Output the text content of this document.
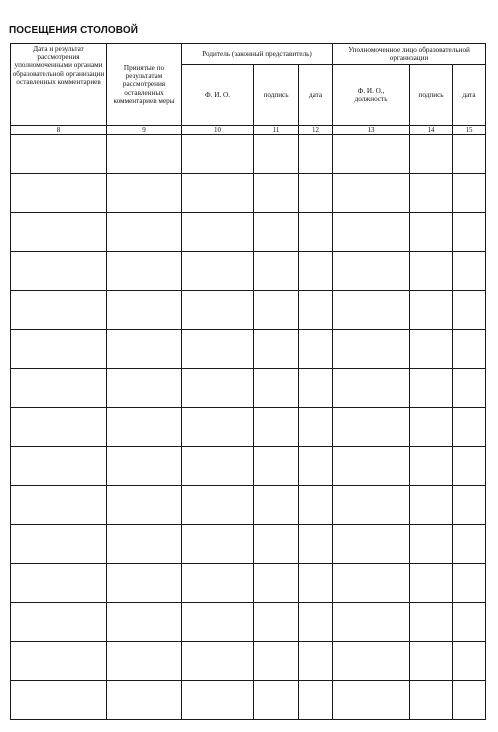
ПОСЕЩЕНИЯ СТОЛОВОЙ
Дата и результат рассмотрения уполномоченными органами образовательной организации оставленных комментариев	Принятые по результатам рассмотрения оставленных комментариев меры	Родитель (законный представитель)			Уполномоченное лицо образовательной организации		

		Ф. И. О.	подпись	дата	Ф. И. О., должность	подпись	дата
8	9	10	11	12	13	14	15
